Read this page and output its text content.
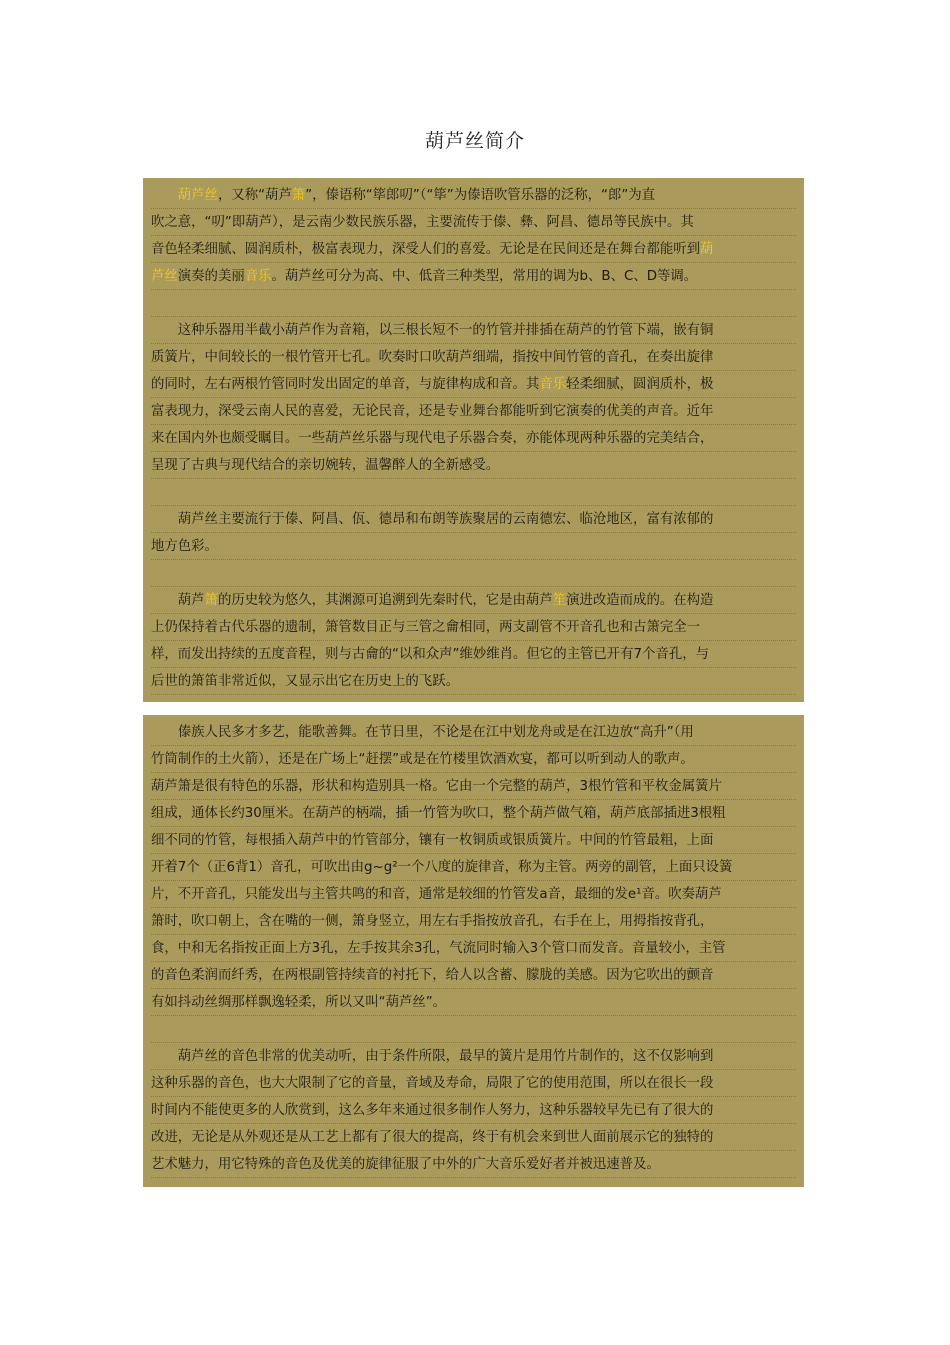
葫芦丝简介
　　葫芦丝，又称“葫芦箫”，傣语称“筚郎叨”（“筚”为傣语吹管乐器的泛称，“郎”为直
吹之意，“叨”即葫芦），是云南少数民族乐器，主要流传于傣、彝、阿昌、德昂等民族中。其
音色轻柔细腻、圆润质朴，极富表现力，深受人们的喜爱。无论是在民间还是在舞台都能听到葫
芦丝演奏的美丽音乐。葫芦丝可分为高、中、低音三种类型，常用的调为b、B、C、D等调。
　　这种乐器用半截小葫芦作为音箱，以三根长短不一的竹管并排插在葫芦的竹管下端，嵌有铜
质簧片，中间较长的一根竹管开七孔。吹奏时口吹葫芦细端，指按中间竹管的音孔，在奏出旋律
的同时，左右两根竹管同时发出固定的单音，与旋律构成和音。其音乐轻柔细腻，圆润质朴，极
富表现力，深受云南人民的喜爱，无论民音，还是专业舞台都能听到它演奏的优美的声音。近年
来在国内外也颇受瞩目。一些葫芦丝乐器与现代电子乐器合奏，亦能体现两种乐器的完美结合，
呈现了古典与现代结合的亲切婉转，温馨醉人的全新感受。
　　葫芦丝主要流行于傣、阿昌、佤、德昂和布朗等族聚居的云南德宏、临沧地区，富有浓郁的
地方色彩。
　　葫芦箫的历史较为悠久，其渊源可追溯到先秦时代，它是由葫芦笙演进改造而成的。在构造
上仍保持着古代乐器的遗制，箫管数目正与三管之龠相同，两支副管不开音孔也和古箫完全一
样，而发出持续的五度音程，则与古龠的“以和众声”维妙维肖。但它的主管已开有7个音孔，与
后世的箫笛非常近似，又显示出它在历史上的飞跃。
　　傣族人民多才多艺，能歌善舞。在节日里，不论是在江中划龙舟或是在江边放“高升”（用
竹筒制作的土火箭），还是在广场上“赶摆”或是在竹楼里饮酒欢宴，都可以听到动人的歌声。
葫芦箫是很有特色的乐器，形状和构造别具一格。它由一个完整的葫芦，3根竹管和平枚金属簧片
组成，通体长约30厘米。在葫芦的柄端，插一竹管为吹口，整个葫芦做气箱，葫芦底部插进3根粗
细不同的竹管，每根插入葫芦中的竹管部分，镶有一枚铜质或银质簧片。中间的竹管最粗，上面
开着7个（正6背1）音孔，可吹出由g~g²一个八度的旋律音，称为主管。两旁的副管，上面只设簧
片，不开音孔，只能发出与主管共鸣的和音，通常是较细的竹管发a音，最细的发e¹音。吹奏葫芦
箫时，吹口朝上，含在嘴的一侧，箫身竖立，用左右手指按放音孔，右手在上，用拇指按背孔，
食，中和无名指按正面上方3孔，左手按其余3孔，气流同时输入3个管口而发音。音量较小，主管
的音色柔润而纤秀，在两根副管持续音的衬托下，给人以含蓄、朦胧的美感。因为它吹出的颤音
有如抖动丝绸那样飘逸轻柔，所以又叫“葫芦丝”。
　　葫芦丝的音色非常的优美动听，由于条件所限，最早的簧片是用竹片制作的，这不仅影响到
这种乐器的音色，也大大限制了它的音量，音域及寿命，局限了它的使用范围，所以在很长一段
时间内不能使更多的人欣赏到，这么多年来通过很多制作人努力，这种乐器较早先已有了很大的
改进，无论是从外观还是从工艺上都有了很大的提高，终于有机会来到世人面前展示它的独特的
艺术魅力，用它特殊的音色及优美的旋律征服了中外的广大音乐爱好者并被迅速普及。
